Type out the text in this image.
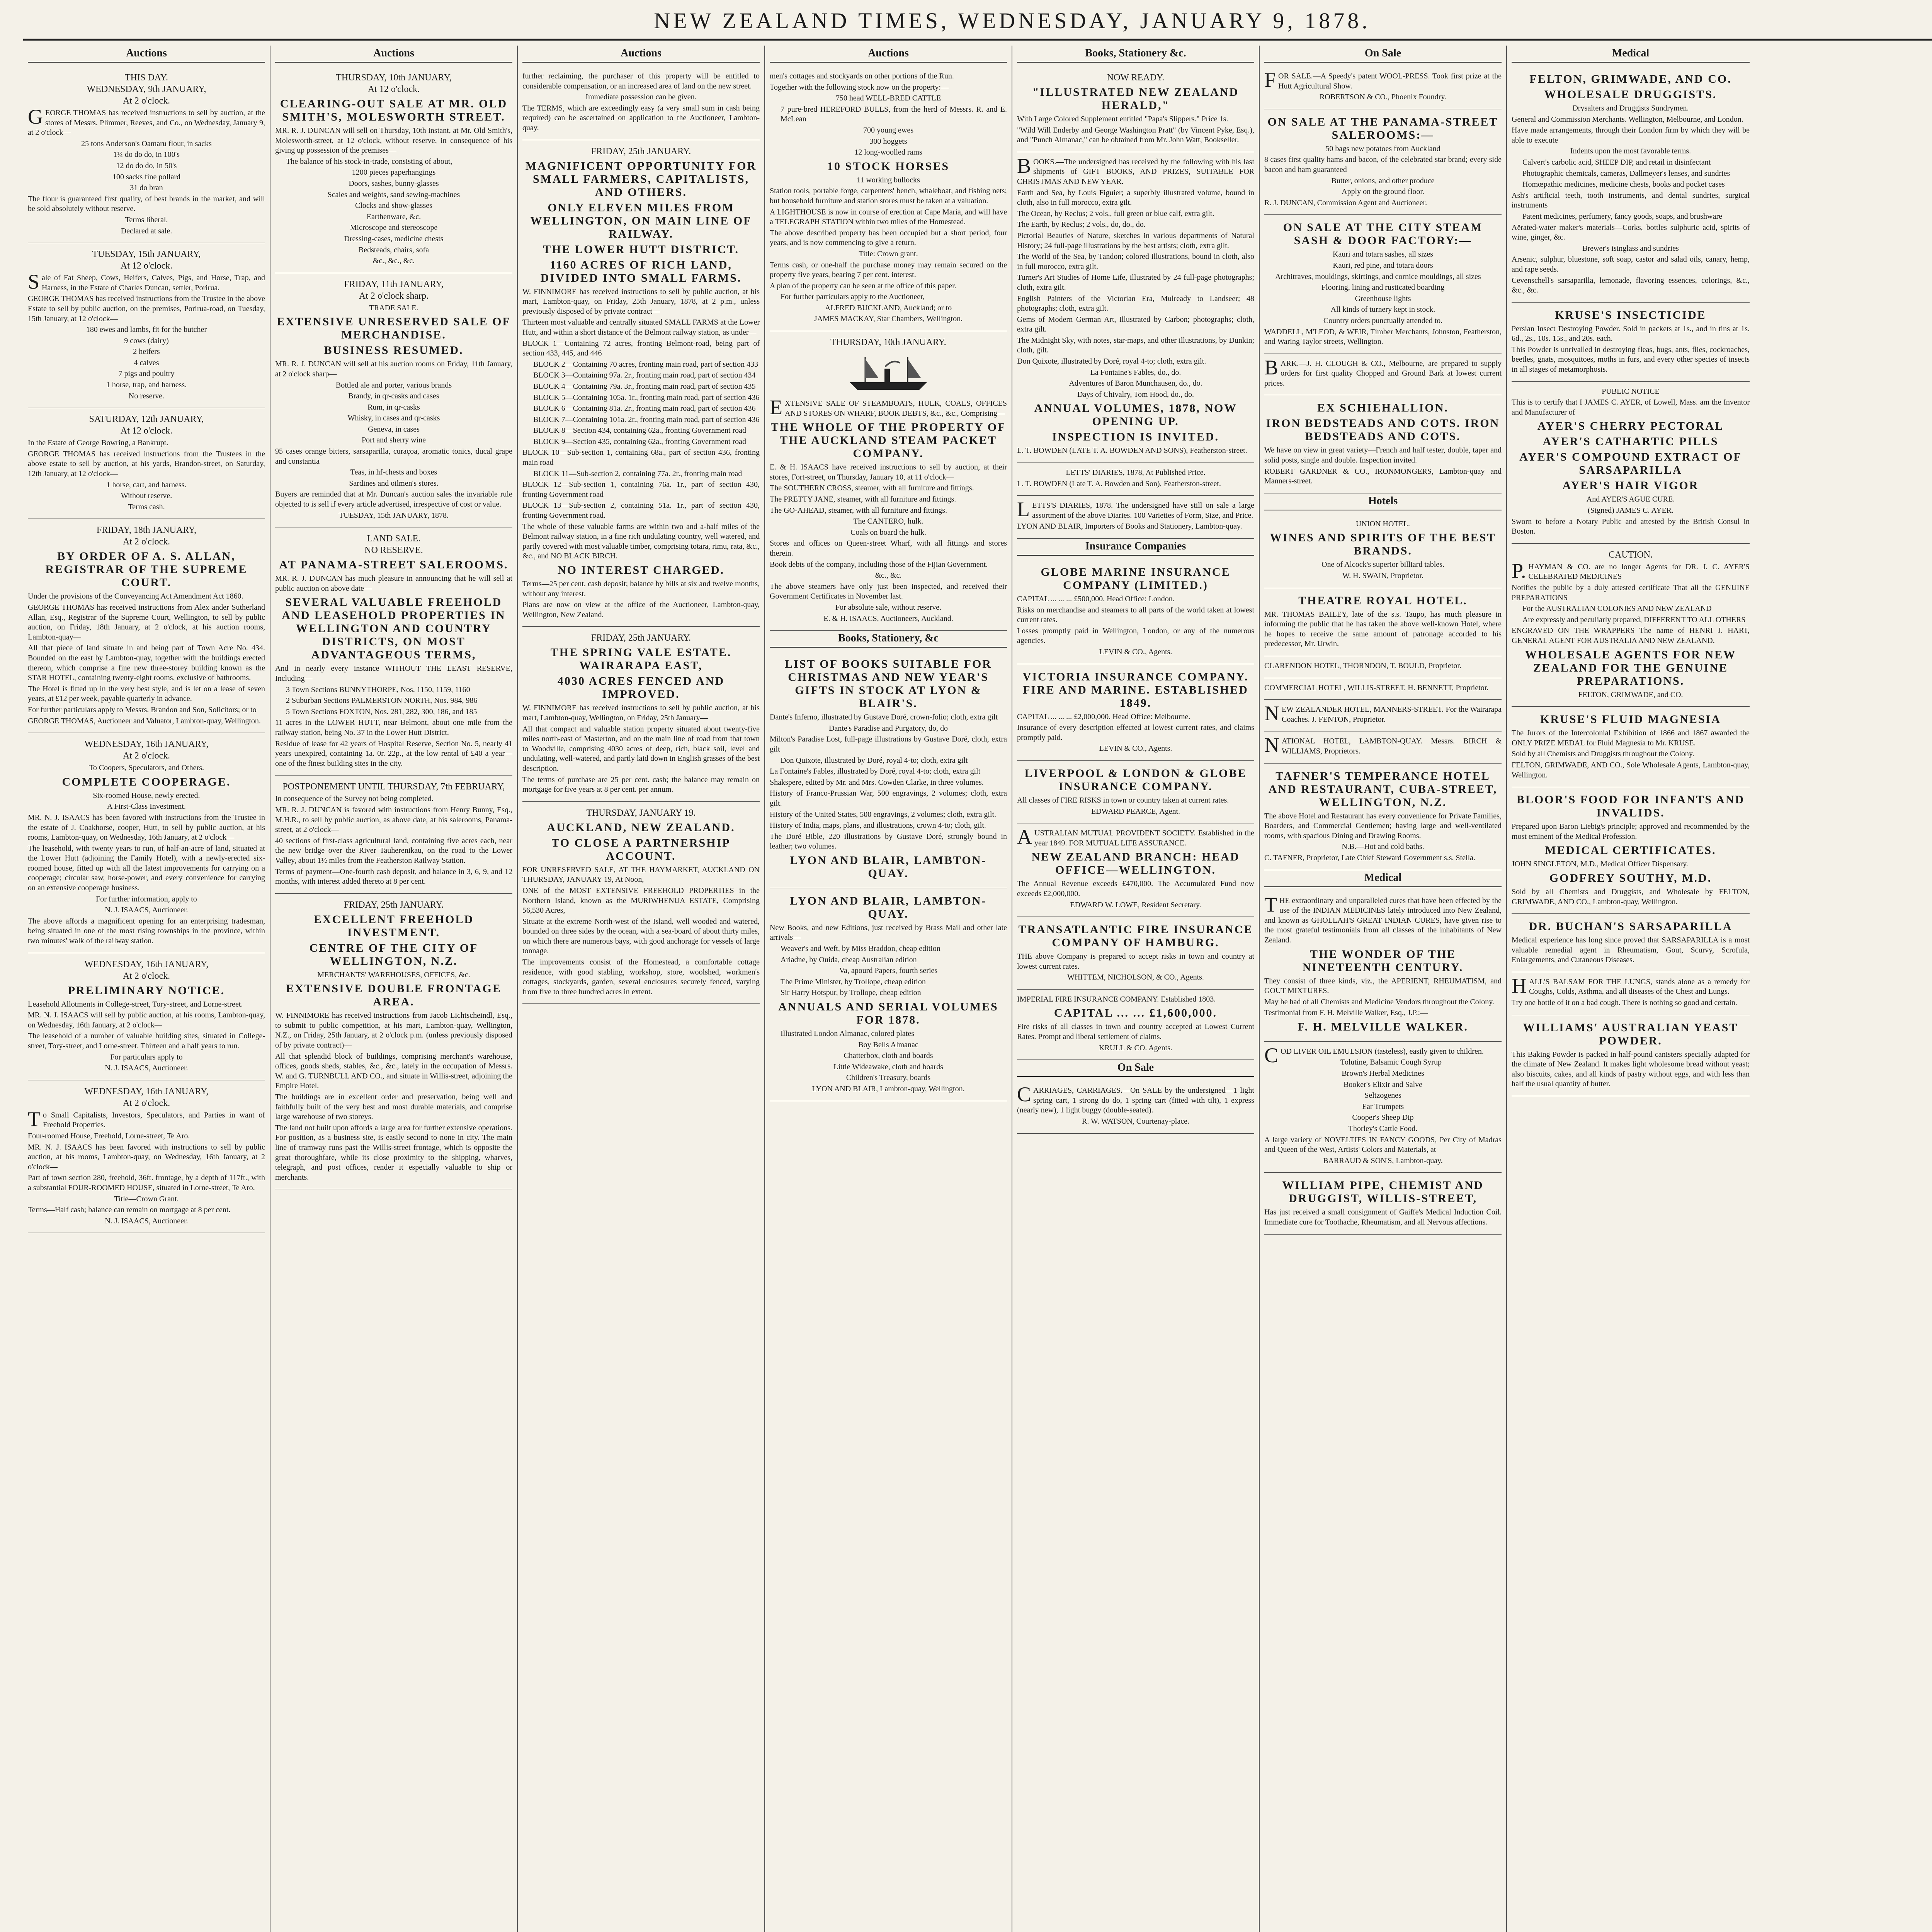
NEW ZEALAND TIMES, WEDNESDAY, JANUARY 9, 1878.
Auctions
THIS DAY.
WEDNESDAY, 9th JANUARY,
At 2 o'clock.
GEORGE THOMAS has received instructions to sell by auction, at the stores of Messrs. Plimmer, Reeves, and Co., on Wednesday, January 9, at 2 o'clock—
25 tons Anderson's Oamaru flour, in sacks
1¼ do do do, in 100's
12 do do do, in 50's
100 sacks fine pollard
31 do bran
The flour is guaranteed first quality, of best brands in the market, and will be sold absolutely without reserve.
Terms liberal.
Declared at sale.
TUESDAY, 15th JANUARY,
At 12 o'clock.
Sale of Fat Sheep, Cows, Heifers, Calves, Pigs, and Horse, Trap, and Harness, in the Estate of Charles Duncan, settler, Porirua.
GEORGE THOMAS has received instructions from the Trustee in the above Estate to sell by public auction, on the premises, Porirua-road, on Tuesday, 15th January, at 12 o'clock—
180 ewes and lambs, fit for the butcher
9 cows (dairy)
2 heifers
4 calves
7 pigs and poultry
1 horse, trap, and harness.
No reserve.
SATURDAY, 12th JANUARY,
At 12 o'clock.
In the Estate of George Bowring, a Bankrupt.
GEORGE THOMAS has received instructions from the Trustees in the above estate to sell by auction, at his yards, Brandon-street, on Saturday, 12th January, at 12 o'clock—
1 horse, cart, and harness.
Without reserve.
Terms cash.
FRIDAY, 18th JANUARY,
At 2 o'clock.
BY ORDER OF A. S. ALLAN, REGISTRAR OF THE SUPREME COURT.
Under the provisions of the Conveyancing Act Amendment Act 1860.
GEORGE THOMAS has received instructions from Alex ander Sutherland Allan, Esq., Registrar of the Supreme Court, Wellington, to sell by public auction, on Friday, 18th January, at 2 o'clock, at his auction rooms, Lambton-quay—
All that piece of land situate in and being part of Town Acre No. 434. Bounded on the east by Lambton-quay, together with the buildings erected thereon, which comprise a fine new three-storey building known as the STAR HOTEL, containing twenty-eight rooms, exclusive of bathrooms.
The Hotel is fitted up in the very best style, and is let on a lease of seven years, at £12 per week, payable quarterly in advance.
For further particulars apply to Messrs. Brandon and Son, Solicitors; or to
GEORGE THOMAS, Auctioneer and Valuator, Lambton-quay, Wellington.
WEDNESDAY, 16th JANUARY,
At 2 o'clock.
To Coopers, Speculators, and Others.
COMPLETE COOPERAGE.
Six-roomed House, newly erected.
A First-Class Investment.
MR. N. J. ISAACS has been favored with instructions from the Trustee in the estate of J. Coakhorse, cooper, Hutt, to sell by public auction, at his rooms, Lambton-quay, on Wednesday, 16th January, at 2 o'clock—
The leasehold, with twenty years to run, of half-an-acre of land, situated at the Lower Hutt (adjoining the Family Hotel), with a newly-erected six-roomed house, fitted up with all the latest improvements for carrying on a cooperage; circular saw, horse-power, and every convenience for carrying on an extensive cooperage business.
For further information, apply to
N. J. ISAACS, Auctioneer.
The above affords a magnificent opening for an enterprising tradesman, being situated in one of the most rising townships in the province, within two minutes' walk of the railway station.
WEDNESDAY, 16th JANUARY,
At 2 o'clock.
PRELIMINARY NOTICE.
Leasehold Allotments in College-street, Tory-street, and Lorne-street.
MR. N. J. ISAACS will sell by public auction, at his rooms, Lambton-quay, on Wednesday, 16th January, at 2 o'clock—
The leasehold of a number of valuable building sites, situated in College-street, Tory-street, and Lorne-street. Thirteen and a half years to run.
For particulars apply to
N. J. ISAACS, Auctioneer.
WEDNESDAY, 16th JANUARY,
At 2 o'clock.
To Small Capitalists, Investors, Speculators, and Parties in want of Freehold Properties.
Four-roomed House, Freehold, Lorne-street, Te Aro.
MR. N. J. ISAACS has been favored with instructions to sell by public auction, at his rooms, Lambton-quay, on Wednesday, 16th January, at 2 o'clock—
Part of town section 280, freehold, 36ft. frontage, by a depth of 117ft., with a substantial FOUR-ROOMED HOUSE, situated in Lorne-street, Te Aro.
Title—Crown Grant.
Terms—Half cash; balance can remain on mortgage at 8 per cent.
N. J. ISAACS, Auctioneer.
Auctions
THURSDAY, 10th JANUARY,
At 12 o'clock.
CLEARING-OUT SALE AT MR. OLD SMITH'S, MOLESWORTH STREET.
MR. R. J. DUNCAN will sell on Thursday, 10th instant, at Mr. Old Smith's, Molesworth-street, at 12 o'clock, without reserve, in consequence of his giving up possession of the premises—
The balance of his stock-in-trade, consisting of about,
1200 pieces paperhangings
Doors, sashes, bunny-glasses
Scales and weights, sand sewing-machines
Clocks and show-glasses
Earthenware, &c.
Microscope and stereoscope
Dressing-cases, medicine chests
Bedsteads, chairs, sofa
&c., &c., &c.
FRIDAY, 11th JANUARY,
At 2 o'clock sharp.
TRADE SALE.
EXTENSIVE UNRESERVED SALE OF MERCHANDISE.
BUSINESS RESUMED.
MR. R. J. DUNCAN will sell at his auction rooms on Friday, 11th January, at 2 o'clock sharp—
Bottled ale and porter, various brands
Brandy, in qr-casks and cases
Rum, in qr-casks
Whisky, in cases and qr-casks
Geneva, in cases
Port and sherry wine
95 cases orange bitters, sarsaparilla, curaçoa, aromatic tonics, ducal grape and constantia
Teas, in hf-chests and boxes
Sardines and oilmen's stores.
Buyers are reminded that at Mr. Duncan's auction sales the invariable rule objected to is sell if every article advertised, irrespective of cost or value.
TUESDAY, 15th JANUARY, 1878.
LAND SALE.
NO RESERVE.
AT PANAMA-STREET SALEROOMS.
MR. R. J. DUNCAN has much pleasure in announcing that he will sell at public auction on above date—
SEVERAL VALUABLE FREEHOLD AND LEASEHOLD PROPERTIES IN WELLINGTON AND COUNTRY DISTRICTS, ON MOST ADVANTAGEOUS TERMS,
And in nearly every instance WITHOUT THE LEAST RESERVE, Including—
3 Town Sections BUNNYTHORPE, Nos. 1150, 1159, 1160
2 Suburban Sections PALMERSTON NORTH, Nos. 984, 986
5 Town Sections FOXTON, Nos. 281, 282, 300, 186, and 185
11 acres in the LOWER HUTT, near Belmont, about one mile from the railway station, being No. 37 in the Lower Hutt District.
Residue of lease for 42 years of Hospital Reserve, Section No. 5, nearly 41 years unexpired, containing 1a. 0r. 22p., at the low rental of £40 a year—one of the finest building sites in the city.
POSTPONEMENT UNTIL THURSDAY, 7th FEBRUARY,
In consequence of the Survey not being completed.
MR. R. J. DUNCAN is favored with instructions from Henry Bunny, Esq., M.H.R., to sell by public auction, as above date, at his salerooms, Panama-street, at 2 o'clock—
40 sections of first-class agricultural land, containing five acres each, near the new bridge over the River Tauherenikau, on the road to the Lower Valley, about 1½ miles from the Featherston Railway Station.
Terms of payment—One-fourth cash deposit, and balance in 3, 6, 9, and 12 months, with interest added thereto at 8 per cent.
FRIDAY, 25th JANUARY.
EXCELLENT FREEHOLD INVESTMENT.
CENTRE OF THE CITY OF WELLINGTON, N.Z.
MERCHANTS' WAREHOUSES, OFFICES, &c.
EXTENSIVE DOUBLE FRONTAGE AREA.
W. FINNIMORE has received instructions from Jacob Lichtscheindl, Esq., to submit to public competition, at his mart, Lambton-quay, Wellington, N.Z., on Friday, 25th January, at 2 o'clock p.m. (unless previously disposed of by private contract)—
All that splendid block of buildings, comprising merchant's warehouse, offices, goods sheds, stables, &c., &c., lately in the occupation of Messrs. W. and G. TURNBULL AND CO., and situate in Willis-street, adjoining the Empire Hotel.
The buildings are in excellent order and preservation, being well and faithfully built of the very best and most durable materials, and comprise large warehouse of two storeys.
The land not built upon affords a large area for further extensive operations. For position, as a business site, is easily second to none in city. The main line of tramway runs past the Willis-street frontage, which is opposite the great thoroughfare, while its close proximity to the shipping, wharves, telegraph, and post offices, render it especially valuable to ship or merchants.
Auctions
further reclaiming, the purchaser of this property will be entitled to considerable compensation, or an increased area of land on the new street.
Immediate possession can be given.
The TERMS, which are exceedingly easy (a very small sum in cash being required) can be ascertained on application to the Auctioneer, Lambton-quay.
FRIDAY, 25th JANUARY.
MAGNIFICENT OPPORTUNITY FOR SMALL FARMERS, CAPITALISTS, AND OTHERS.
ONLY ELEVEN MILES FROM WELLINGTON, ON MAIN LINE OF RAILWAY.
THE LOWER HUTT DISTRICT.
1160 ACRES OF RICH LAND, DIVIDED INTO SMALL FARMS.
W. FINNIMORE has received instructions to sell by public auction, at his mart, Lambton-quay, on Friday, 25th January, 1878, at 2 p.m., unless previously disposed of by private contract—
Thirteen most valuable and centrally situated SMALL FARMS at the Lower Hutt, and within a short distance of the Belmont railway station, as under—
BLOCK 1—Containing 72 acres, fronting Belmont-road, being part of section 433, 445, and 446
BLOCK 2—Containing 70 acres, fronting main road, part of section 433
BLOCK 3—Containing 97a. 2r., fronting main road, part of section 434
BLOCK 4—Containing 79a. 3r., fronting main road, part of section 435
BLOCK 5—Containing 105a. 1r., fronting main road, part of section 436
BLOCK 6—Containing 81a. 2r., fronting main road, part of section 436
BLOCK 7—Containing 101a. 2r., fronting main road, part of section 436
BLOCK 8—Section 434, containing 62a., fronting Government road
BLOCK 9—Section 435, containing 62a., fronting Government road
BLOCK 10—Sub-section 1, containing 68a., part of section 436, fronting main road
BLOCK 11—Sub-section 2, containing 77a. 2r., fronting main road
BLOCK 12—Sub-section 1, containing 76a. 1r., part of section 430, fronting Government road
BLOCK 13—Sub-section 2, containing 51a. 1r., part of section 430, fronting Government road.
The whole of these valuable farms are within two and a-half miles of the Belmont railway station, in a fine rich undulating country, well watered, and partly covered with most valuable timber, comprising totara, rimu, rata, &c., &c., and NO BLACK BIRCH.
NO INTEREST CHARGED.
Terms—25 per cent. cash deposit; balance by bills at six and twelve months, without any interest.
Plans are now on view at the office of the Auctioneer, Lambton-quay, Wellington, New Zealand.
FRIDAY, 25th JANUARY.
THE SPRING VALE ESTATE. WAIRARAPA EAST,
4030 ACRES FENCED AND IMPROVED.
W. FINNIMORE has received instructions to sell by public auction, at his mart, Lambton-quay, Wellington, on Friday, 25th January—
All that compact and valuable station property situated about twenty-five miles north-east of Masterton, and on the main line of road from that town to Woodville, comprising 4030 acres of deep, rich, black soil, level and undulating, well-watered, and partly laid down in English grasses of the best description.
The terms of purchase are 25 per cent. cash; the balance may remain on mortgage for five years at 8 per cent. per annum.
THURSDAY, JANUARY 19.
AUCKLAND, NEW ZEALAND.
TO CLOSE A PARTNERSHIP ACCOUNT.
FOR UNRESERVED SALE, AT THE HAYMARKET, AUCKLAND ON THURSDAY, JANUARY 19, At Noon,
ONE of the MOST EXTENSIVE FREEHOLD PROPERTIES in the Northern Island, known as the MURIWHENUA ESTATE, Comprising 56,530 Acres,
Situate at the extreme North-west of the Island, well wooded and watered, bounded on three sides by the ocean, with a sea-board of about thirty miles, on which there are numerous bays, with good anchorage for vessels of large tonnage.
The improvements consist of the Homestead, a comfortable cottage residence, with good stabling, workshop, store, woolshed, workmen's cottages, stockyards, garden, several enclosures securely fenced, varying from five to three hundred acres in extent.
Auctions
men's cottages and stockyards on other portions of the Run.
Together with the following stock now on the property:—
750 head WELL-BRED CATTLE
7 pure-bred HEREFORD BULLS, from the herd of Messrs. R. and E. McLean
700 young ewes
300 hoggets
12 long-woolled rams
10 STOCK HORSES
11 working bullocks
Station tools, portable forge, carpenters' bench, whaleboat, and fishing nets; but household furniture and station stores must be taken at a valuation.
A LIGHTHOUSE is now in course of erection at Cape Maria, and will have a TELEGRAPH STATION within two miles of the Homestead.
The above described property has been occupied but a short period, four years, and is now commencing to give a return.
Title: Crown grant.
Terms cash, or one-half the purchase money may remain secured on the property five years, bearing 7 per cent. interest.
A plan of the property can be seen at the office of this paper.
For further particulars apply to the Auctioneer,
ALFRED BUCKLAND, Auckland; or to
JAMES MACKAY, Star Chambers, Wellington.
THURSDAY, 10th JANUARY.
EXTENSIVE SALE OF STEAMBOATS, HULK, COALS, OFFICES AND STORES ON WHARF, BOOK DEBTS, &c., &c., Comprising—
THE WHOLE OF THE PROPERTY OF THE AUCKLAND STEAM PACKET COMPANY.
E. & H. ISAACS have received instructions to sell by auction, at their stores, Fort-street, on Thursday, January 10, at 11 o'clock—
The SOUTHERN CROSS, steamer, with all furniture and fittings.
The PRETTY JANE, steamer, with all furniture and fittings.
The GO-AHEAD, steamer, with all furniture and fittings.
The CANTERO, hulk.
Coals on board the hulk.
Stores and offices on Queen-street Wharf, with all fittings and stores therein.
Book debts of the company, including those of the Fijian Government.
&c., &c.
The above steamers have only just been inspected, and received their Government Certificates in November last.
For absolute sale, without reserve.
E. & H. ISAACS, Auctioneers, Auckland.
Books, Stationery, &c
LIST OF BOOKS SUITABLE FOR CHRISTMAS AND NEW YEAR'S GIFTS IN STOCK AT LYON & BLAIR'S.
Dante's Inferno, illustrated by Gustave Doré, crown-folio; cloth, extra gilt
Dante's Paradise and Purgatory, do, do
Milton's Paradise Lost, full-page illustrations by Gustave Doré, cloth, extra gilt
Don Quixote, illustrated by Doré, royal 4-to; cloth, extra gilt
La Fontaine's Fables, illustrated by Doré, royal 4-to; cloth, extra gilt
Shakspere, edited by Mr. and Mrs. Cowden Clarke, in three volumes.
History of Franco-Prussian War, 500 engravings, 2 volumes; cloth, extra gilt.
History of the United States, 500 engravings, 2 volumes; cloth, extra gilt.
History of India, maps, plans, and illustrations, crown 4-to; cloth, gilt.
The Doré Bible, 220 illustrations by Gustave Doré, strongly bound in leather; two volumes.
LYON AND BLAIR, LAMBTON-QUAY.
LYON AND BLAIR, LAMBTON-QUAY.
New Books, and new Editions, just received by Brass Mail and other late arrivals—
Weaver's and Weft, by Miss Braddon, cheap edition
Ariadne, by Ouida, cheap Australian edition
Va, apourd Papers, fourth series
The Prime Minister, by Trollope, cheap edition
Sir Harry Hotspur, by Trollope, cheap edition
ANNUALS AND SERIAL VOLUMES FOR 1878.
Illustrated London Almanac, colored plates
Boy Bells Almanac
Chatterbox, cloth and boards
Little Wideawake, cloth and boards
Children's Treasury, boards
LYON AND BLAIR, Lambton-quay, Wellington.
Books, Stationery &c.
NOW READY.
"ILLUSTRATED NEW ZEALAND HERALD,"
With Large Colored Supplement entitled "Papa's Slippers." Price 1s.
"Wild Will Enderby and George Washington Pratt" (by Vincent Pyke, Esq.), and "Punch Almanac," can be obtained from Mr. John Watt, Bookseller.
BOOKS.—The undersigned has received by the following with his last shipments of GIFT BOOKS, AND PRIZES, SUITABLE FOR CHRISTMAS AND NEW YEAR.
Earth and Sea, by Louis Figuier; a superbly illustrated volume, bound in cloth, also in full morocco, extra gilt.
The Ocean, by Reclus; 2 vols., full green or blue calf, extra gilt.
The Earth, by Reclus; 2 vols., do, do., do.
Pictorial Beauties of Nature, sketches in various departments of Natural History; 24 full-page illustrations by the best artists; cloth, extra gilt.
The World of the Sea, by Tandon; colored illustrations, bound in cloth, also in full morocco, extra gilt.
Turner's Art Studies of Home Life, illustrated by 24 full-page photographs; cloth, extra gilt.
English Painters of the Victorian Era, Mulready to Landseer; 48 photographs; cloth, extra gilt.
Gems of Modern German Art, illustrated by Carbon; photographs; cloth, extra gilt.
The Midnight Sky, with notes, star-maps, and other illustrations, by Dunkin; cloth, gilt.
Don Quixote, illustrated by Doré, royal 4-to; cloth, extra gilt.
La Fontaine's Fables, do., do.
Adventures of Baron Munchausen, do., do.
Days of Chivalry, Tom Hood, do., do.
ANNUAL VOLUMES, 1878, NOW OPENING UP.
INSPECTION IS INVITED.
L. T. BOWDEN (LATE T. A. BOWDEN AND SONS), Featherston-street.
LETTS' DIARIES, 1878, At Published Price.
L. T. BOWDEN (Late T. A. Bowden and Son), Featherston-street.
LETTS'S DIARIES, 1878. The undersigned have still on sale a large assortment of the above Diaries. 100 Varieties of Form, Size, and Price.
LYON AND BLAIR, Importers of Books and Stationery, Lambton-quay.
Insurance Companies
GLOBE MARINE INSURANCE COMPANY (LIMITED.)
CAPITAL ... ... ... £500,000. Head Office: London.
Risks on merchandise and steamers to all parts of the world taken at lowest current rates.
Losses promptly paid in Wellington, London, or any of the numerous agencies.
LEVIN & CO., Agents.
VICTORIA INSURANCE COMPANY. FIRE AND MARINE. ESTABLISHED 1849.
CAPITAL ... ... ... £2,000,000. Head Office: Melbourne.
Insurance of every description effected at lowest current rates, and claims promptly paid.
LEVIN & CO., Agents.
LIVERPOOL & LONDON & GLOBE INSURANCE COMPANY.
All classes of FIRE RISKS in town or country taken at current rates.
EDWARD PEARCE, Agent.
AUSTRALIAN MUTUAL PROVIDENT SOCIETY. Established in the year 1849. FOR MUTUAL LIFE ASSURANCE.
NEW ZEALAND BRANCH: HEAD OFFICE—WELLINGTON.
The Annual Revenue exceeds £470,000. The Accumulated Fund now exceeds £2,000,000.
EDWARD W. LOWE, Resident Secretary.
TRANSATLANTIC FIRE INSURANCE COMPANY OF HAMBURG.
THE above Company is prepared to accept risks in town and country at lowest current rates.
WHITTEM, NICHOLSON, & CO., Agents.
IMPERIAL FIRE INSURANCE COMPANY. Established 1803.
CAPITAL ... ... £1,600,000.
Fire risks of all classes in town and country accepted at Lowest Current Rates. Prompt and liberal settlement of claims.
KRULL & CO. Agents.
On Sale
CARRIAGES, CARRIAGES.—On SALE by the undersigned—1 light spring cart, 1 strong do do, 1 spring cart (fitted with tilt), 1 express (nearly new), 1 light buggy (double-seated).
R. W. WATSON, Courtenay-place.
On Sale
FOR SALE.—A Speedy's patent WOOL-PRESS. Took first prize at the Hutt Agricultural Show.
ROBERTSON & CO., Phoenix Foundry.
ON SALE AT THE PANAMA-STREET SALEROOMS:—
50 bags new potatoes from Auckland
8 cases first quality hams and bacon, of the celebrated star brand; every side bacon and ham guaranteed
Butter, onions, and other produce
Apply on the ground floor.
R. J. DUNCAN, Commission Agent and Auctioneer.
ON SALE AT THE CITY STEAM SASH & DOOR FACTORY:—
Kauri and totara sashes, all sizes
Kauri, red pine, and totara doors
Architraves, mouldings, skirtings, and cornice mouldings, all sizes
Flooring, lining and rusticated boarding
Greenhouse lights
All kinds of turnery kept in stock.
Country orders punctually attended to.
WADDELL, M'LEOD, & WEIR, Timber Merchants, Johnston, Featherston, and Waring Taylor streets, Wellington.
BARK.—J. H. CLOUGH & CO., Melbourne, are prepared to supply orders for first quality Chopped and Ground Bark at lowest current prices.
EX SCHIEHALLION.
IRON BEDSTEADS AND COTS. IRON BEDSTEADS AND COTS.
We have on view in great variety—French and half tester, double, taper and solid posts, single and double. Inspection invited.
ROBERT GARDNER & CO., IRONMONGERS, Lambton-quay and Manners-street.
Hotels
UNION HOTEL.
WINES AND SPIRITS OF THE BEST BRANDS.
One of Alcock's superior billiard tables.
W. H. SWAIN, Proprietor.
THEATRE ROYAL HOTEL.
MR. THOMAS BAILEY, late of the s.s. Taupo, has much pleasure in informing the public that he has taken the above well-known Hotel, where he hopes to receive the same amount of patronage accorded to his predecessor, Mr. Urwin.
CLARENDON HOTEL, THORNDON, T. BOULD, Proprietor.
COMMERCIAL HOTEL, WILLIS-STREET. H. BENNETT, Proprietor.
NEW ZEALANDER HOTEL, MANNERS-STREET. For the Wairarapa Coaches. J. FENTON, Proprietor.
NATIONAL HOTEL, LAMBTON-QUAY. Messrs. BIRCH & WILLIAMS, Proprietors.
TAFNER'S TEMPERANCE HOTEL AND RESTAURANT, CUBA-STREET, WELLINGTON, N.Z.
The above Hotel and Restaurant has every convenience for Private Families, Boarders, and Commercial Gentlemen; having large and well-ventilated rooms, with spacious Dining and Drawing Rooms.
N.B.—Hot and cold baths.
C. TAFNER, Proprietor, Late Chief Steward Government s.s. Stella.
Medical
THE extraordinary and unparalleled cures that have been effected by the use of the INDIAN MEDICINES lately introduced into New Zealand, and known as GHOLLAH'S GREAT INDIAN CURES, have given rise to the most grateful testimonials from all classes of the inhabitants of New Zealand.
THE WONDER OF THE NINETEENTH CENTURY.
They consist of three kinds, viz., the APERIENT, RHEUMATISM, and GOUT MIXTURES.
May be had of all Chemists and Medicine Vendors throughout the Colony.
Testimonial from F. H. Melville Walker, Esq., J.P.:—
F. H. MELVILLE WALKER.
COD LIVER OIL EMULSION (tasteless), easily given to children.
Tolutine, Balsamic Cough Syrup
Brown's Herbal Medicines
Booker's Elixir and Salve
Seltzogenes
Ear Trumpets
Cooper's Sheep Dip
Thorley's Cattle Food.
A large variety of NOVELTIES IN FANCY GOODS, Per City of Madras and Queen of the West, Artists' Colors and Materials, at
BARRAUD & SON'S, Lambton-quay.
WILLIAM PIPE, CHEMIST AND DRUGGIST, WILLIS-STREET,
Has just received a small consignment of Gaiffe's Medical Induction Coil. Immediate cure for Toothache, Rheumatism, and all Nervous affections.
Medical
FELTON, GRIMWADE, AND CO.
WHOLESALE DRUGGISTS.
Drysalters and Druggists Sundrymen.
General and Commission Merchants. Wellington, Melbourne, and London.
Have made arrangements, through their London firm by which they will be able to execute
Indents upon the most favorable terms.
Calvert's carbolic acid, SHEEP DIP, and retail in disinfectant
Photographic chemicals, cameras, Dallmeyer's lenses, and sundries
Homœpathic medicines, medicine chests, books and pocket cases
Ash's artificial teeth, tooth instruments, and dental sundries, surgical instruments
Patent medicines, perfumery, fancy goods, soaps, and brushware
Aërated-water maker's materials—Corks, bottles sulphuric acid, spirits of wine, ginger, &c.
Brewer's isinglass and sundries
Arsenic, sulphur, bluestone, soft soap, castor and salad oils, canary, hemp, and rape seeds.
Cevenschell's sarsaparilla, lemonade, flavoring essences, colorings, &c., &c., &c.
KRUSE'S INSECTICIDE
Persian Insect Destroying Powder. Sold in packets at 1s., and in tins at 1s. 6d., 2s., 10s. 15s., and 20s. each.
This Powder is unrivalled in destroying fleas, bugs, ants, flies, cockroaches, beetles, gnats, mosquitoes, moths in furs, and every other species of insects in all stages of metamorphosis.
PUBLIC NOTICE
This is to certify that I JAMES C. AYER, of Lowell, Mass. am the Inventor and Manufacturer of
AYER'S CHERRY PECTORAL
AYER'S CATHARTIC PILLS
AYER'S COMPOUND EXTRACT OF SARSAPARILLA
AYER'S HAIR VIGOR
And AYER'S AGUE CURE.
(Signed) JAMES C. AYER.
Sworn to before a Notary Public and attested by the British Consul in Boston.
CAUTION.
P.HAYMAN & CO. are no longer Agents for DR. J. C. AYER'S CELEBRATED MEDICINES
Notifies the public by a duly attested certificate That all the GENUINE PREPARATIONS
For the AUSTRALIAN COLONIES AND NEW ZEALAND
Are expressly and peculiarly prepared, DIFFERENT TO ALL OTHERS
ENGRAVED ON THE WRAPPERS The name of HENRI J. HART, GENERAL AGENT FOR AUSTRALIA AND NEW ZEALAND.
WHOLESALE AGENTS FOR NEW ZEALAND FOR THE GENUINE PREPARATIONS.
FELTON, GRIMWADE, and CO.
KRUSE'S FLUID MAGNESIA
The Jurors of the Intercolonial Exhibition of 1866 and 1867 awarded the ONLY PRIZE MEDAL for Fluid Magnesia to Mr. KRUSE.
Sold by all Chemists and Druggists throughout the Colony.
FELTON, GRIMWADE, AND CO., Sole Wholesale Agents, Lambton-quay, Wellington.
BLOOR'S FOOD FOR INFANTS AND INVALIDS.
Prepared upon Baron Liebig's principle; approved and recommended by the most eminent of the Medical Profession.
MEDICAL CERTIFICATES.
JOHN SINGLETON, M.D., Medical Officer Dispensary.
GODFREY SOUTHY, M.D.
Sold by all Chemists and Druggists, and Wholesale by FELTON, GRIMWADE, AND CO., Lambton-quay, Wellington.
DR. BUCHAN'S SARSAPARILLA
Medical experience has long since proved that SARSAPARILLA is a most valuable remedial agent in Rheumatism, Gout, Scurvy, Scrofula, Enlargements, and Cutaneous Diseases.
HALL'S BALSAM FOR THE LUNGS, stands alone as a remedy for Coughs, Colds, Asthma, and all diseases of the Chest and Lungs.
Try one bottle of it on a bad cough. There is nothing so good and certain.
WILLIAMS' AUSTRALIAN YEAST POWDER.
This Baking Powder is packed in half-pound canisters specially adapted for the climate of New Zealand. It makes light wholesome bread without yeast; also biscuits, cakes, and all kinds of pastry without eggs, and with less than half the usual quantity of butter.
